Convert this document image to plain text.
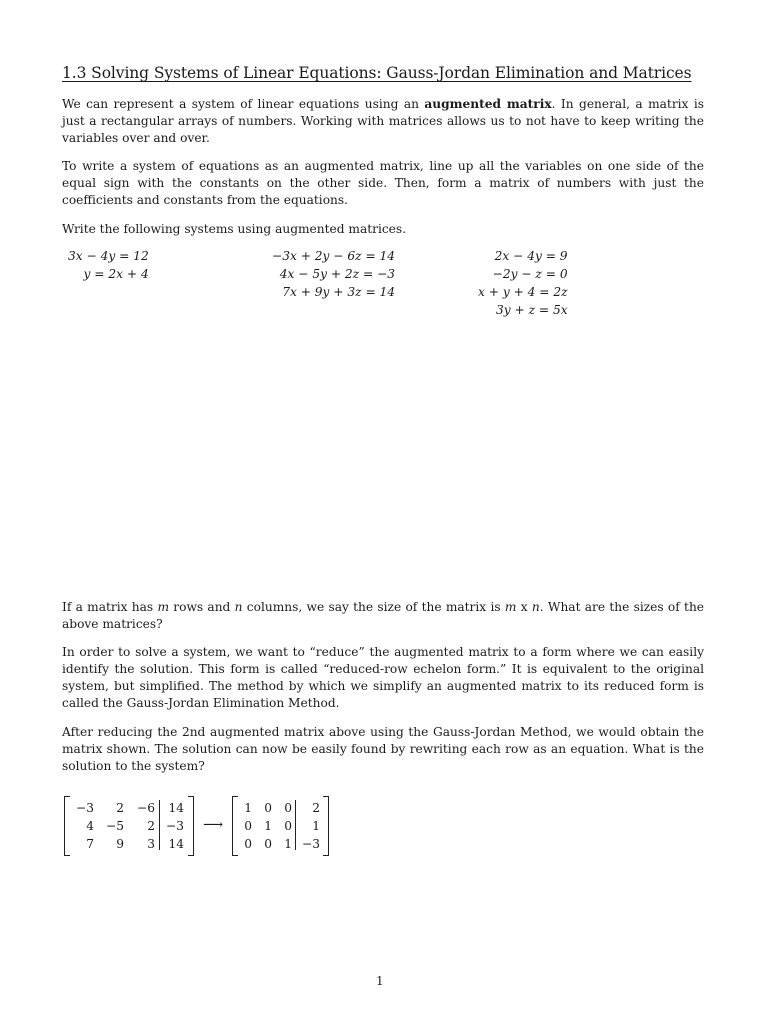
1.3 Solving Systems of Linear Equations: Gauss-Jordan Elimination and Matrices

We can represent a system of linear equations using an augmented matrix. In general, a matrix is just a rectangular arrays of numbers. Working with matrices allows us to not have to keep writing the variables over and over.

To write a system of equations as an augmented matrix, line up all the variables on one side of the equal sign with the constants on the other side. Then, form a matrix of numbers with just the coefficients and constants from the equations.

Write the following systems using augmented matrices.

3x − 4y = 12
y = 2x + 4
−3x + 2y − 6z = 14
4x − 5y + 2z = −3
7x + 9y + 3z = 14
2x − 4y = 9
−2y − z = 0
x + y + 4 = 2z
3y + z = 5x

If a matrix has m rows and n columns, we say the size of the matrix is m x n. What are the sizes of the above matrices?

In order to solve a system, we want to “reduce” the augmented matrix to a form where we can easily identify the solution. This form is called “reduced-row echelon form.” It is equivalent to the original system, but simplified. The method by which we simplify an augmented matrix to its reduced form is called the Gauss-Jordan Elimination Method.

After reducing the 2nd augmented matrix above using the Gauss-Jordan Method, we would obtain the matrix shown. The solution can now be easily found by rewriting each row as an equation. What is the solution to the system?

−3	2	−6	14
4 −5	2 −3
7	9	3	14
⟶
1	0	0	2
0	1	0	1
0	0	1 −3
1
